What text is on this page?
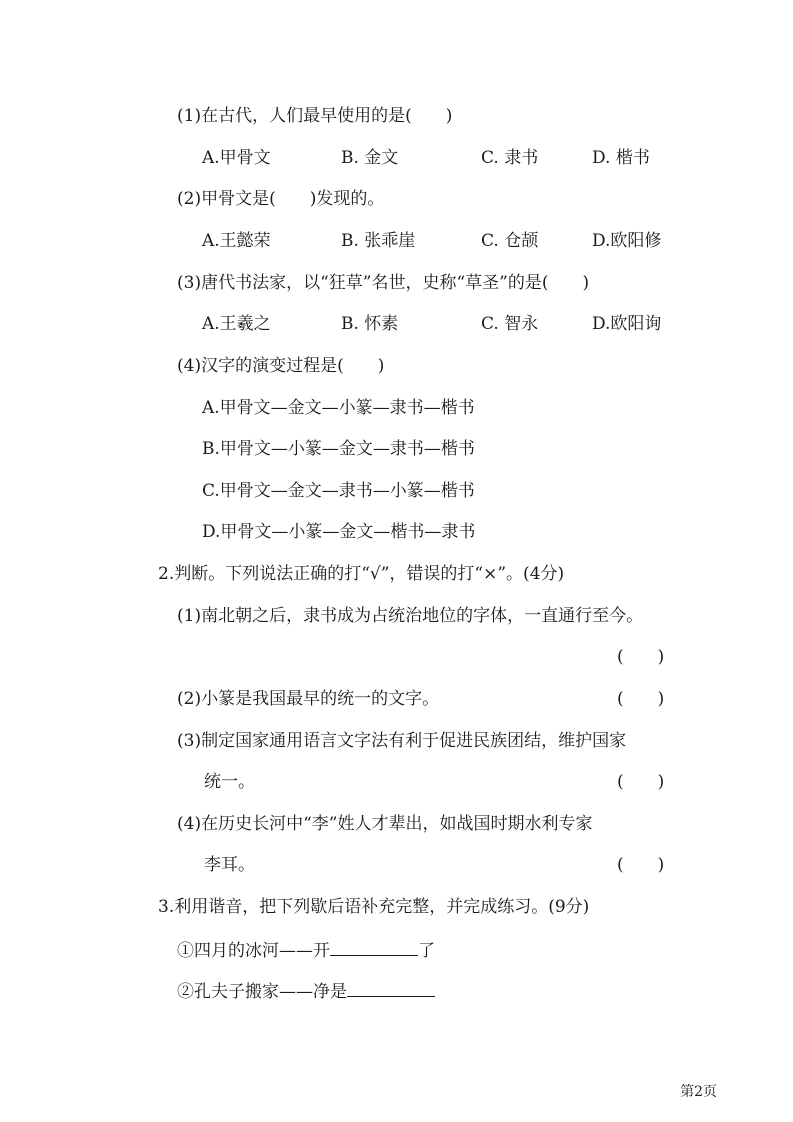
(1)在古代，人们最早使用的是(　　)
A.甲骨文	B. 金文	C. 隶书	D. 楷书
(2)甲骨文是(　　)发现的。
A.王懿荣	B. 张乖崖	C. 仓颉	D.欧阳修
(3)唐代书法家，以“狂草”名世，史称“草圣”的是(　　)
A.王羲之	B. 怀素	C. 智永	D.欧阳询
(4)汉字的演变过程是(　　)
A.甲骨文—金文—小篆—隶书—楷书
B.甲骨文—小篆—金文—隶书—楷书
C.甲骨文—金文—隶书—小篆—楷书
D.甲骨文—小篆—金文—楷书—隶书
2.判断。下列说法正确的打“√”，错误的打“×”。(4分)
(1)南北朝之后，隶书成为占统治地位的字体，一直通行至今。
(　　)
(2)小篆是我国最早的统一的文字。	(　　)
(3)制定国家通用语言文字法有利于促进民族团结，维护国家
统一。	(　　)
(4)在历史长河中“李”姓人才辈出，如战国时期水利专家
李耳。	(　　)
3.利用谐音，把下列歇后语补充完整，并完成练习。(9分)
①四月的冰河——开	了
②孔夫子搬家——净是
第2页
